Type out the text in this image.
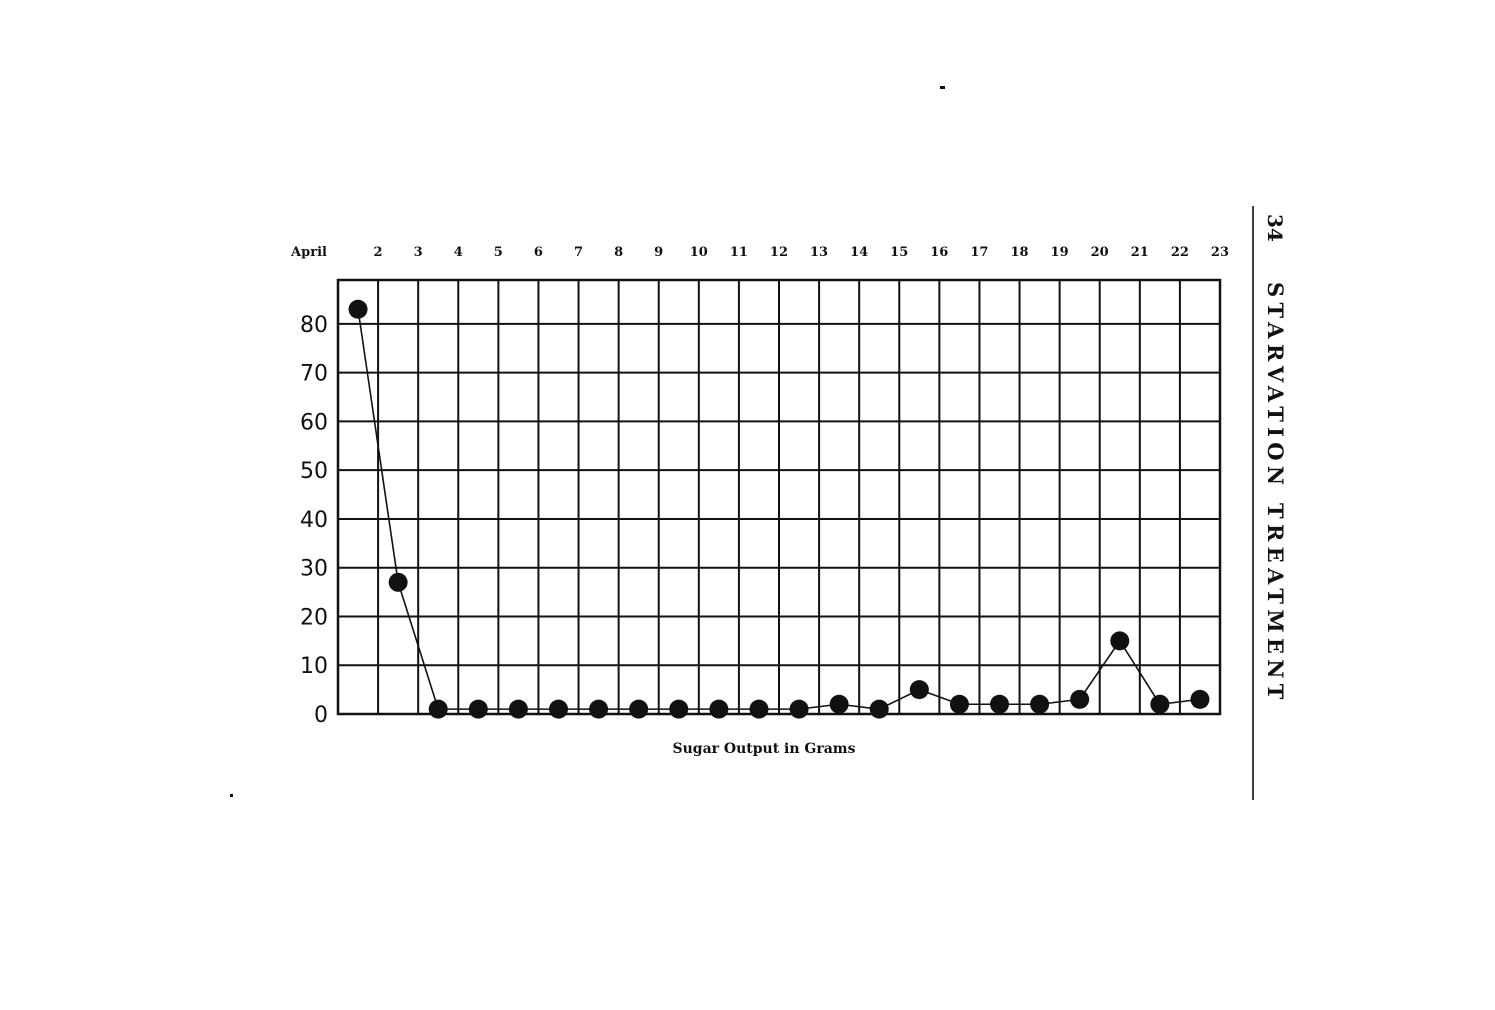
April	2 3 4 5 6 7 8 9 10 11 12 13 14 15 16 17 18 19 20 21 22 23
0
10
20
30
40
50
60
70
80
Sugar Output in Grams
34
STARVATION TREATMENT
